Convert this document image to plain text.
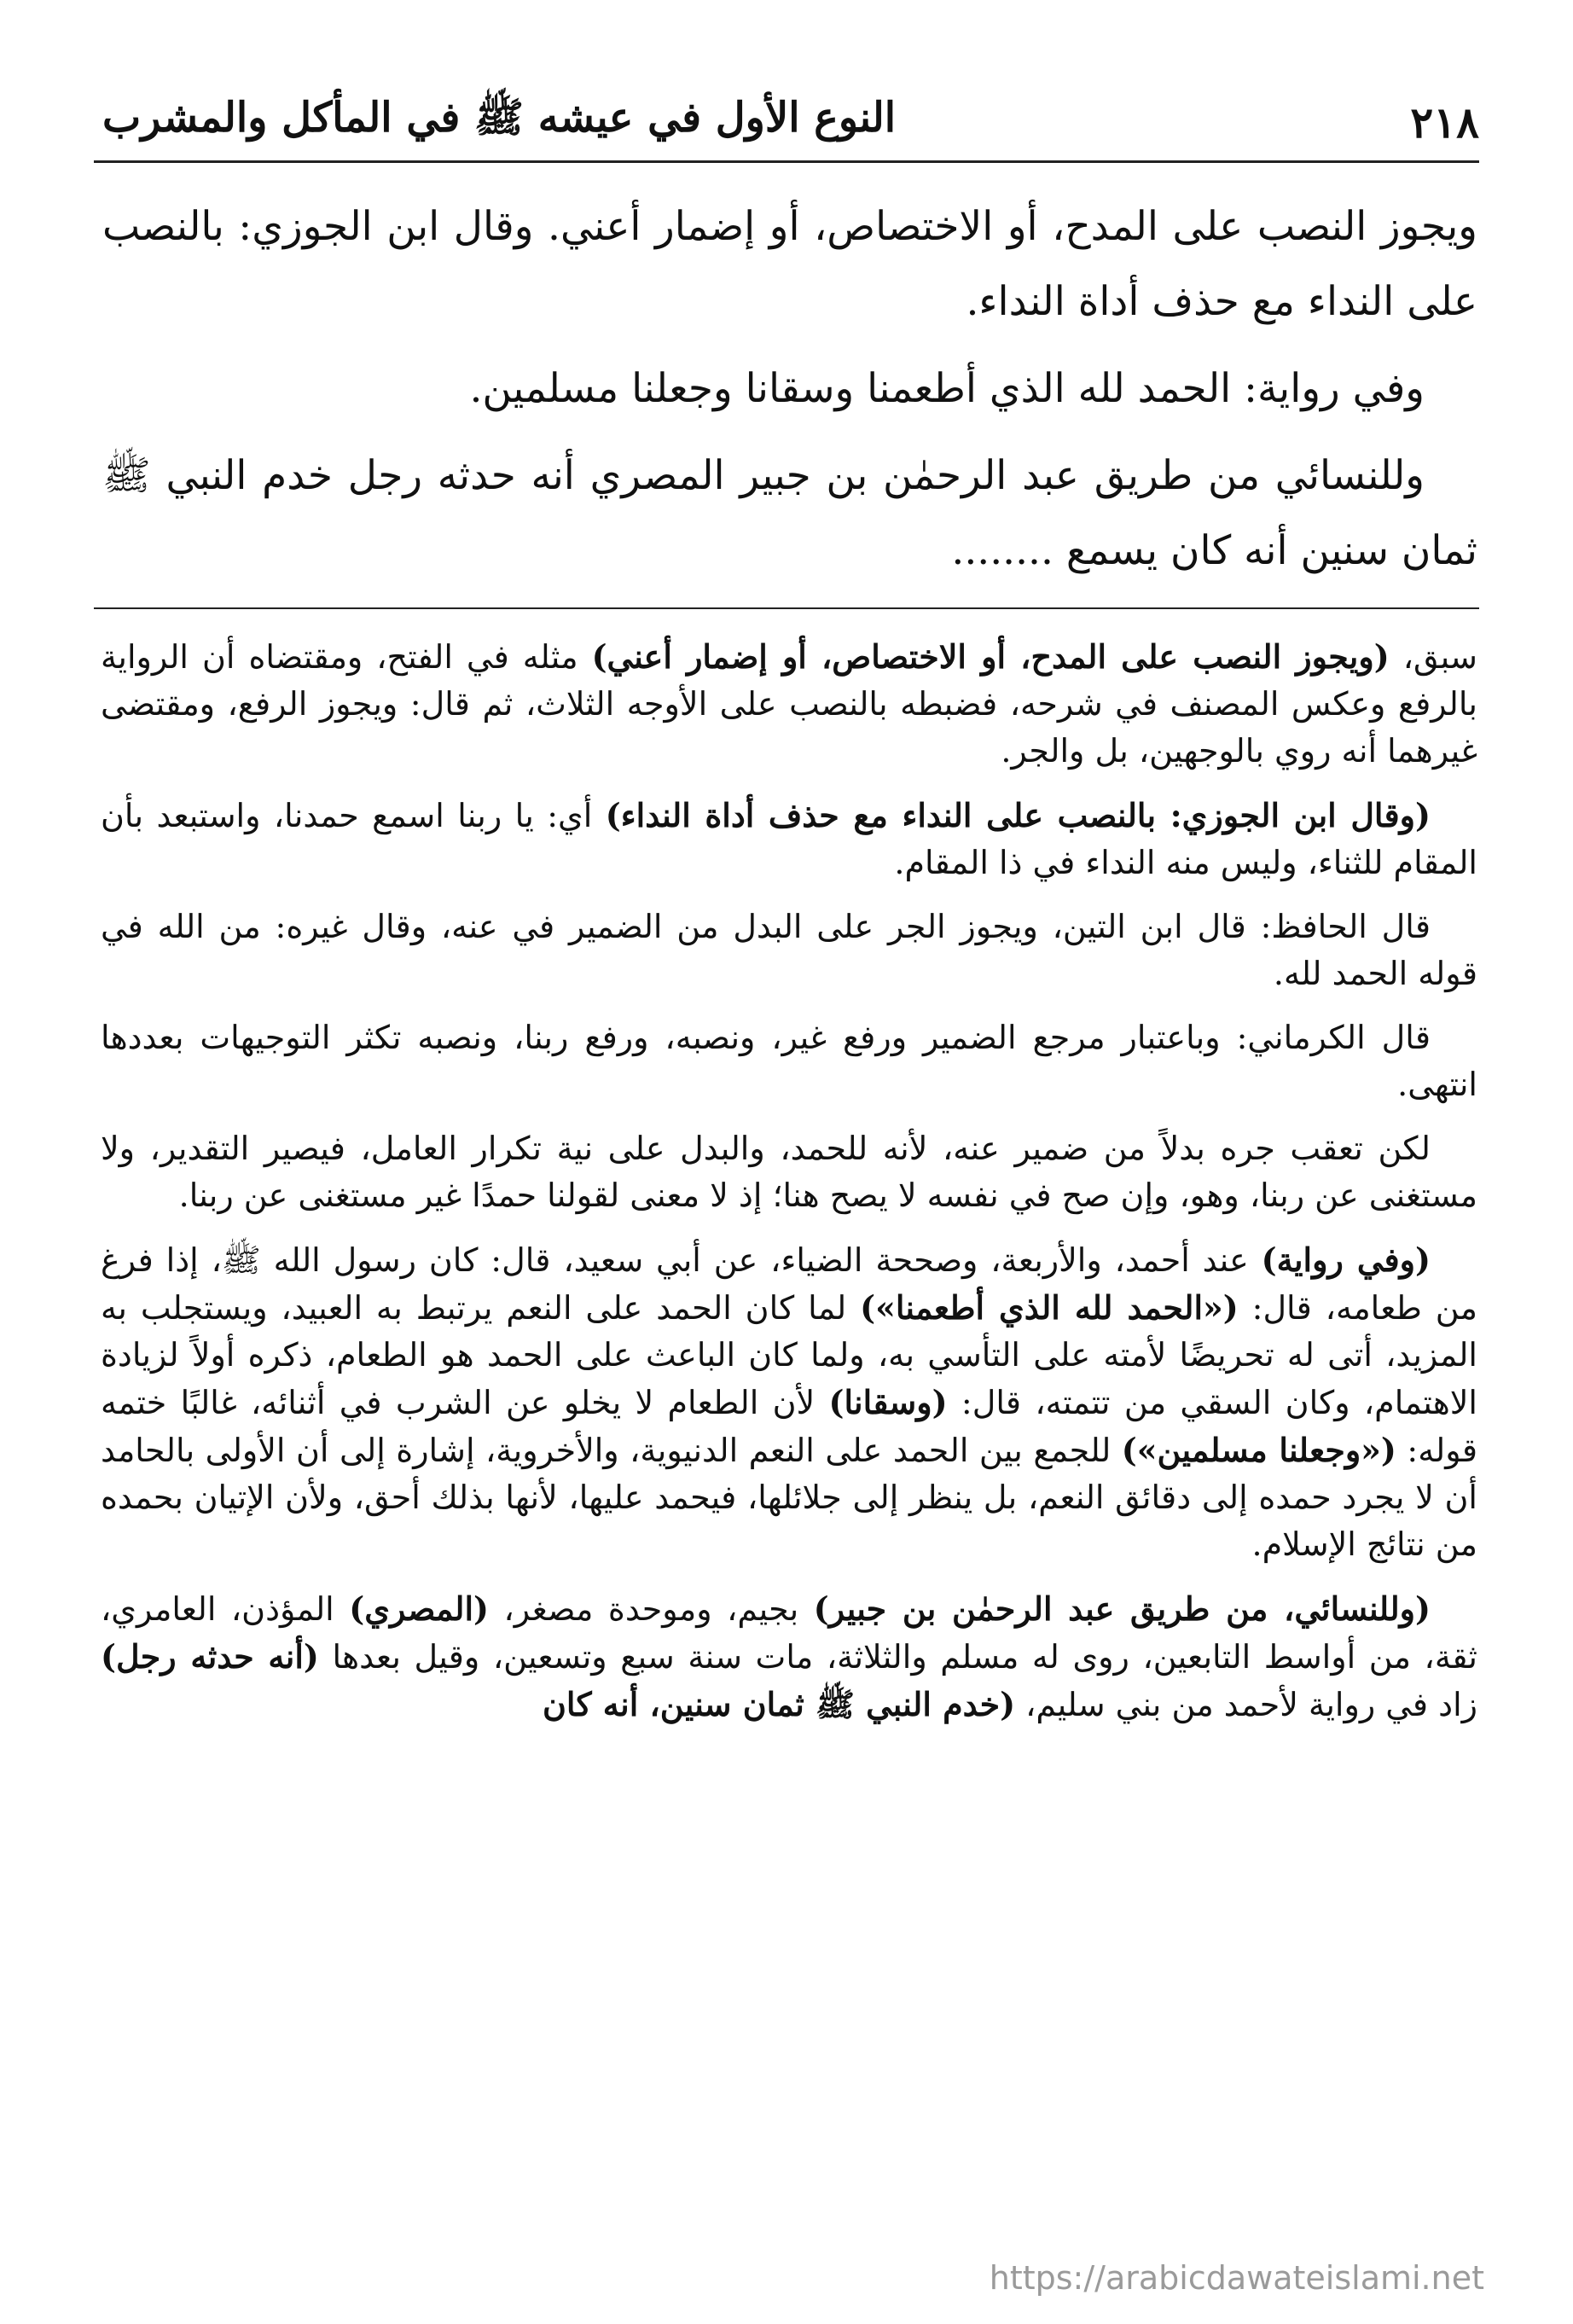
٢١٨
النوع الأول في عيشه ﷺ في المأكل والمشرب

ويجوز النصب على المدح، أو الاختصاص، أو إضمار أعني. وقال ابن الجوزي: بالنصب على النداء مع حذف أداة النداء.

وفي رواية: الحمد لله الذي أطعمنا وسقانا وجعلنا مسلمين.

وللنسائي من طريق عبد الرحمٰن بن جبير المصري أنه حدثه رجل خدم النبي ﷺ ثمان سنين أنه كان يسمع ........

سبق، (ويجوز النصب على المدح، أو الاختصاص، أو إضمار أعني) مثله في الفتح، ومقتضاه أن الرواية بالرفع وعكس المصنف في شرحه، فضبطه بالنصب على الأوجه الثلاث، ثم قال: ويجوز الرفع، ومقتضى غيرهما أنه روي بالوجهين، بل والجر.

(وقال ابن الجوزي: بالنصب على النداء مع حذف أداة النداء) أي: يا ربنا اسمع حمدنا، واستبعد بأن المقام للثناء، وليس منه النداء في ذا المقام.

قال الحافظ: قال ابن التين، ويجوز الجر على البدل من الضمير في عنه، وقال غيره: من الله في قوله الحمد لله.

قال الكرماني: وباعتبار مرجع الضمير ورفع غير، ونصبه، ورفع ربنا، ونصبه تكثر التوجيهات بعددها انتهى.

لكن تعقب جره بدلاً من ضمير عنه، لأنه للحمد، والبدل على نية تكرار العامل، فيصير التقدير، ولا مستغنى عن ربنا، وهو، وإن صح في نفسه لا يصح هنا؛ إذ لا معنى لقولنا حمدًا غير مستغنى عن ربنا.

(وفي رواية) عند أحمد، والأربعة، وصححة الضياء، عن أبي سعيد، قال: كان رسول الله ﷺ، إذا فرغ من طعامه، قال: («الحمد لله الذي أطعمنا») لما كان الحمد على النعم يرتبط به العبيد، ويستجلب به المزيد، أتى له تحريضًا لأمته على التأسي به، ولما كان الباعث على الحمد هو الطعام، ذكره أولاً لزيادة الاهتمام، وكان السقي من تتمته، قال: (وسقانا) لأن الطعام لا يخلو عن الشرب في أثنائه، غالبًا ختمه قوله: («وجعلنا مسلمين») للجمع بين الحمد على النعم الدنيوية، والأخروية، إشارة إلى أن الأولى بالحامد أن لا يجرد حمده إلى دقائق النعم، بل ينظر إلى جلائلها، فيحمد عليها، لأنها بذلك أحق، ولأن الإتيان بحمده من نتائج الإسلام.

(وللنسائي، من طريق عبد الرحمٰن بن جبير) بجيم، وموحدة مصغر، (المصري) المؤذن، العامري، ثقة، من أواسط التابعين، روى له مسلم والثلاثة، مات سنة سبع وتسعين، وقيل بعدها (أنه حدثه رجل) زاد في رواية لأحمد من بني سليم، (خدم النبي ﷺ ثمان سنين، أنه كان

https://arabicdawateislami.net
